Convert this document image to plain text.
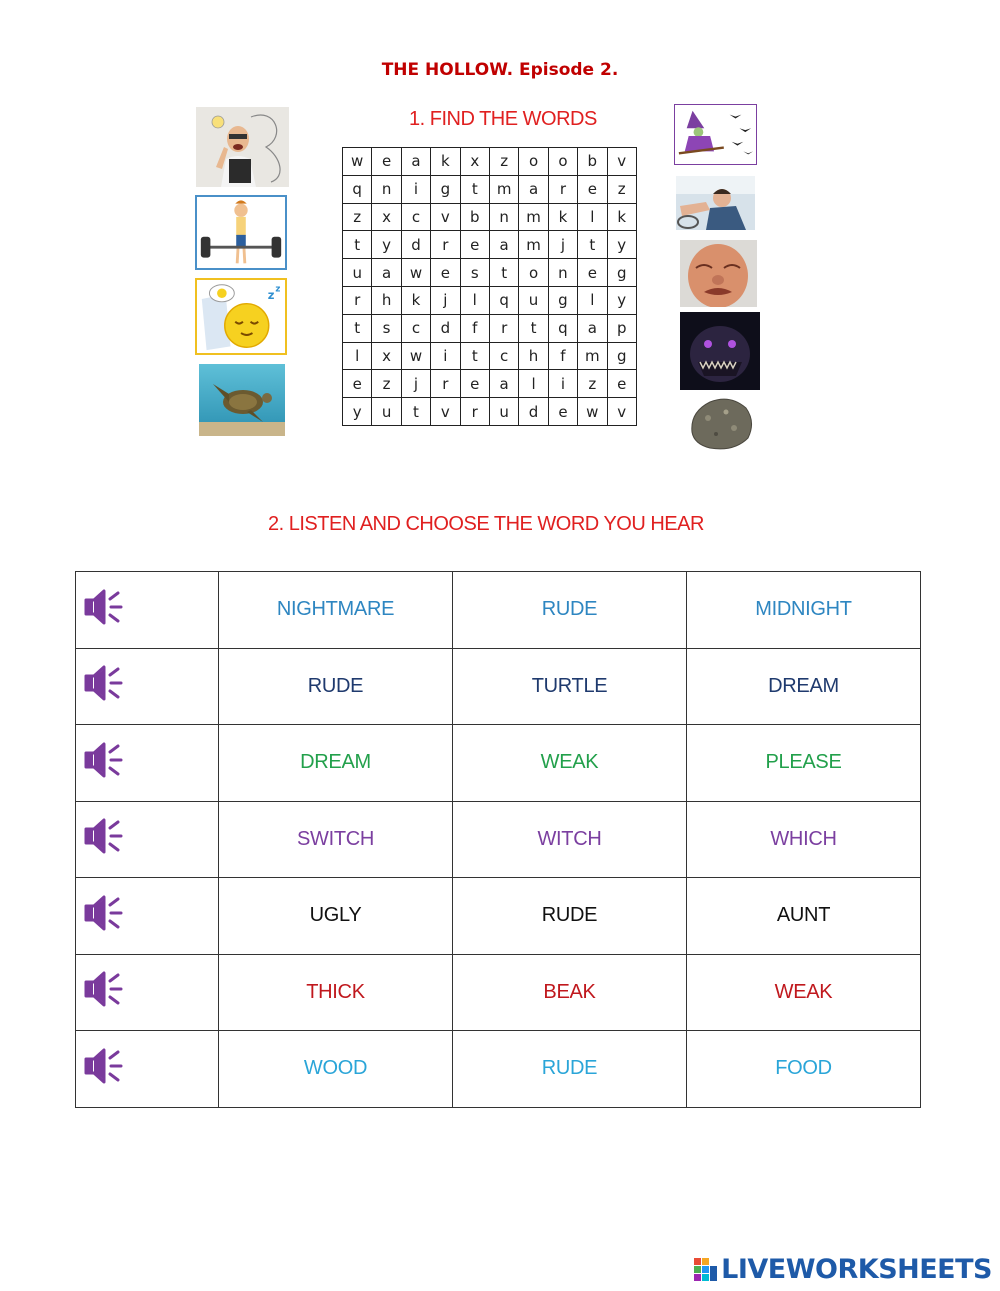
THE HOLLOW. Episode 2.
1. FIND THE WORDS
z z
w	e	a	k	x	z	o	o	b	v
q	n	i	g	t	m	a	r	e	z
z	x	c	v	b	n	m	k	l	k
t	y	d	r	e	a	m	j	t	y
u	a	w	e	s	t	o	n	e	g
r	h	k	j	l	q	u	g	l	y
t	s	c	d	f	r	t	q	a	p
l	x	w	i	t	c	h	f	m	g
e	z	j	r	e	a	l	i	z	e
y	u	t	v	r	u	d	e	w	v
2. LISTEN AND CHOOSE THE WORD YOU HEAR
	NIGHTMARE	RUDE	MIDNIGHT

	RUDE	TURTLE	DREAM

	DREAM	WEAK	PLEASE

	SWITCH	WITCH	WHICH

	UGLY	RUDE	AUNT

	THICK	BEAK	WEAK

	WOOD	RUDE	FOOD
LIVEWORKSHEETS
